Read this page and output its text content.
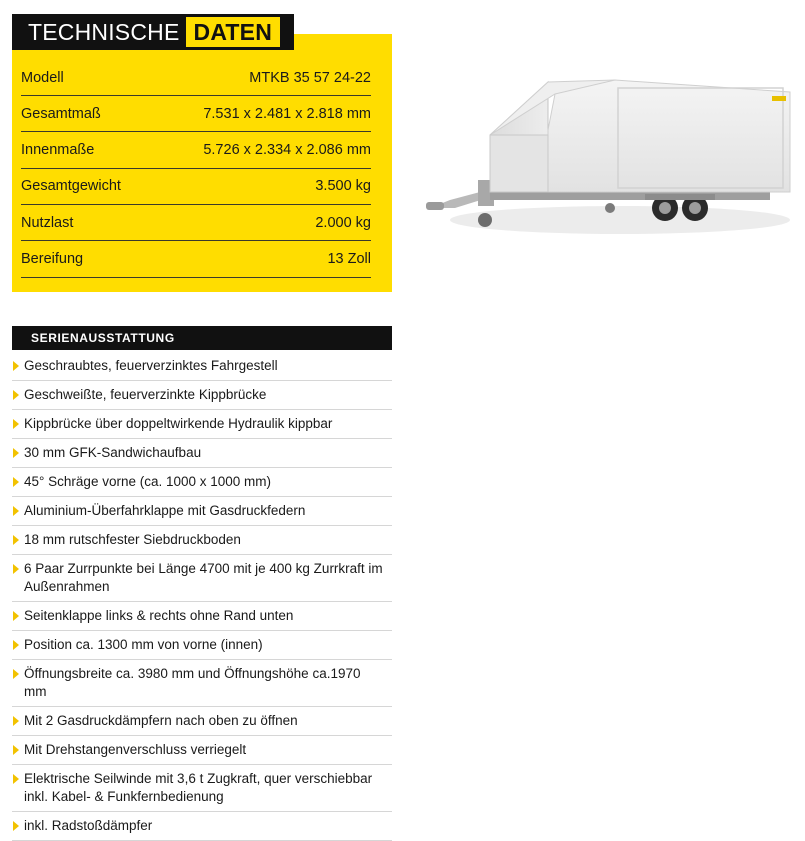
TECHNISCHE DATEN
Modell	MTKB 35 57 24-22
Gesamtmaß	7.531 x 2.481 x 2.818 mm
Innenmaße	5.726 x 2.334 x 2.086 mm
Gesamtgewicht	3.500 kg
Nutzlast	2.000 kg
Bereifung	13 Zoll
SERIENAUSSTATTUNG
Geschraubtes, feuerverzinktes Fahrgestell
Geschweißte, feuerverzinkte Kippbrücke
Kippbrücke über doppeltwirkende Hydraulik kippbar
30 mm GFK-Sandwichaufbau
45° Schräge vorne (ca. 1000 x 1000 mm)
Aluminium-Überfahrklappe mit Gasdruckfedern
18 mm rutschfester Siebdruckboden
6 Paar Zurrpunkte bei Länge 4700 mit je 400 kg Zurrkraft im Außenrahmen
Seitenklappe links & rechts ohne Rand unten
Position ca. 1300 mm von vorne (innen)
Öffnungsbreite ca. 3980 mm und Öffnungshöhe ca.1970 mm
Mit 2 Gasdruckdämpfern nach oben zu öffnen
Mit Drehstangenverschluss verriegelt
Elektrische Seilwinde mit 3,6 t Zugkraft, quer verschiebbar inkl. Kabel- & Funkfernbedienung
inkl. Radstoßdämpfer
